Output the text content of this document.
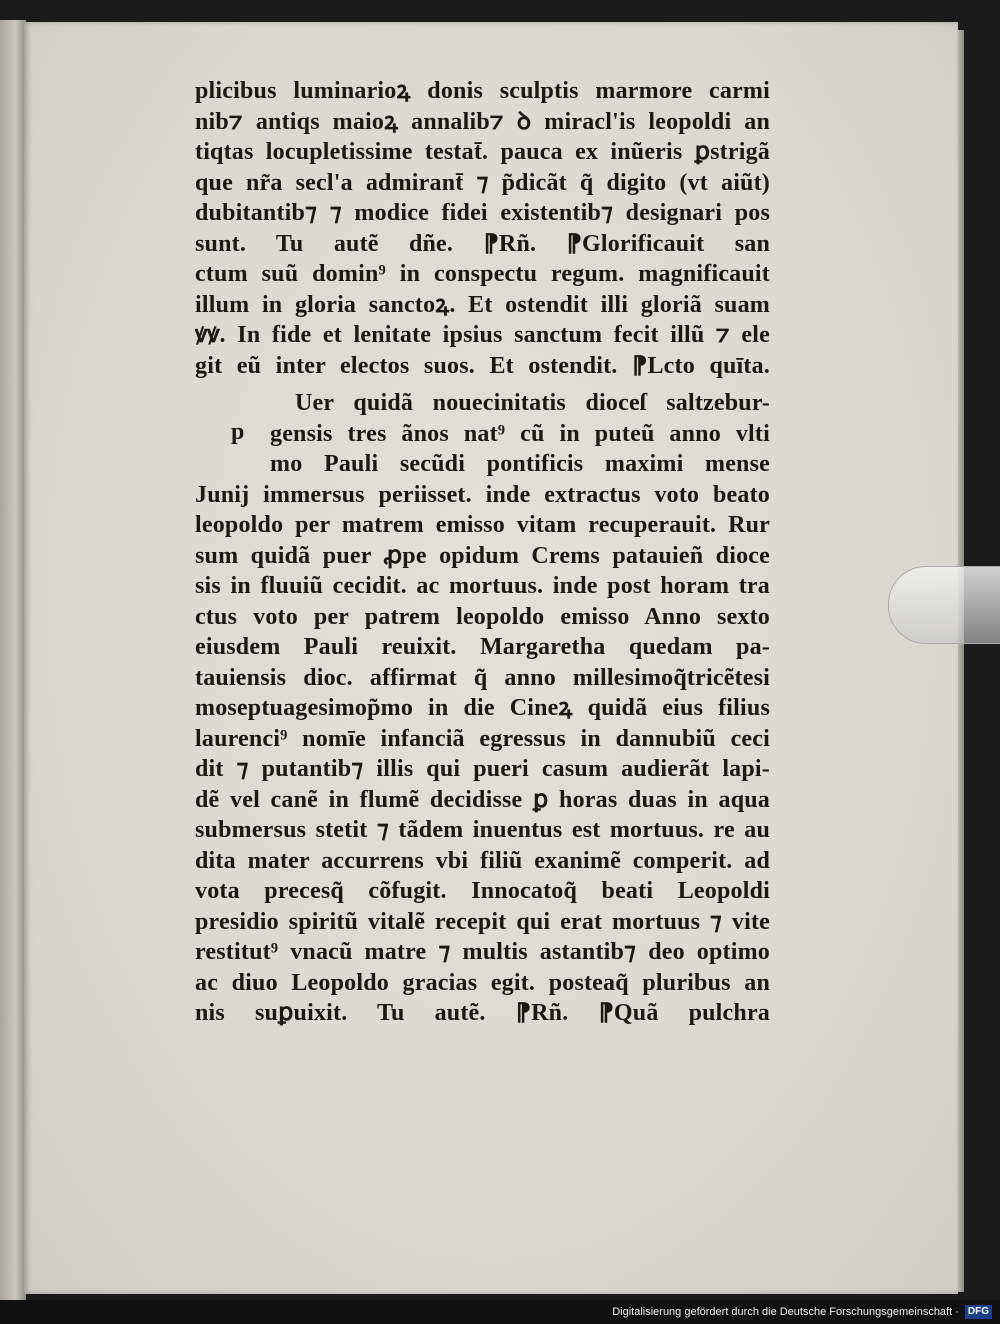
plicibus luminarioꝝ donis sculptis marmore carmi
nib⁊ antiqs maioꝝ annalib⁊ ꝺ miracl'is leopoldi an
tiqtas locupletissime testat̄. pauca ex inũeris ꝑstrigã
que nr̃a secl'a admirant̄ ⁊ p̃dicãt q̃ digito (vt aiũt)
dubitantib⁊ ⁊ modice fidei existentib⁊ designari pos
sunt. Tu autẽ dñe. ⁋Rñ. ⁋Glorificauit san
ctum suũ domin⁹ in conspectu regum. magnificauit
illum in gloria sanctoꝝ. Et ostendit illi gloriã suam
ꝟꝟ. In fide et lenitate ipsius sanctum fecit illũ ⁊ ele
git eũ inter electos suos. Et ostendit. ⁋Lcto quīta.
Uer quidã nouecinitatis dioceſ saltzebur-
gensis tres ãnos nat⁹ cũ in puteũ anno vlti
mo Pauli secũdi pontificis maximi mense
Junij immersus periisset. inde extractus voto beato
leopoldo per matrem emisso vitam recuperauit. Rur
sum quidã puer ꝓpe opidum Crems patauieñ dioce
sis in fluuiũ cecidit. ac mortuus. inde post horam tra
ctus voto per patrem leopoldo emisso Anno sexto
eiusdem Pauli reuixit. Margaretha quedam pa-
tauiensis dioc. affirmat q̃ anno millesimoq̃tricẽtesi
moseptuagesimop̃mo in die Cineꝝ quidã eius filius
laurenci⁹ nomīe infanciã egressus in dannubiũ ceci
dit ⁊ putantib⁊ illis qui pueri casum audierãt lapi-
dẽ vel canẽ in flumẽ decidisse ꝑ horas duas in aqua
submersus stetit ⁊ tãdem inuentus est mortuus. re au
dita mater accurrens vbi filiũ exanimẽ comperit. ad
vota precesq̃ cõfugit. Innocatoq̃ beati Leopoldi
presidio spiritũ vitalẽ recepit qui erat mortuus ⁊ vite
restitut⁹ vnacũ matre ⁊ multis astantib⁊ deo optimo
ac diuo Leopoldo gracias egit. posteaq̃ pluribus an
nis suꝑuixit. Tu autẽ. ⁋Rñ. ⁋Quã pulchra
p
Digitalisierung gefördert durch die Deutsche Forschungsgemeinschaft · DFG
